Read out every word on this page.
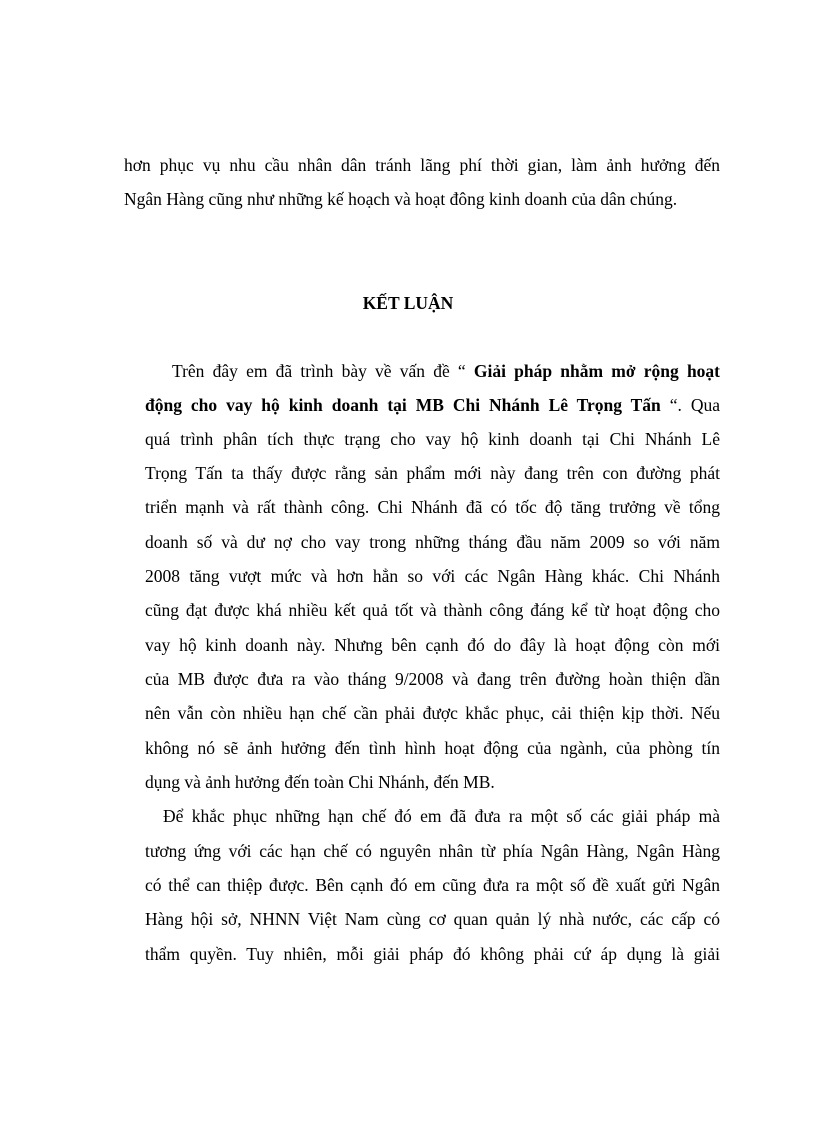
hơn phục vụ nhu cầu nhân dân tránh lãng phí thời gian, làm ảnh hưởng đến
Ngân Hàng cũng như những kế hoạch và hoạt đông kinh doanh của dân chúng.
KẾT LUẬN
Trên đây em đã trình bày về vấn đề “ Giải pháp nhằm mở rộng hoạt
động cho vay hộ kinh doanh tại MB Chi Nhánh Lê Trọng Tấn “. Qua
quá trình phân tích thực trạng cho vay hộ kinh doanh tại Chi Nhánh Lê
Trọng Tấn ta thấy được rằng sản phẩm mới này đang trên con đường phát
triển mạnh và rất thành công. Chi Nhánh đã có tốc độ tăng trưởng về tổng
doanh số và dư nợ cho vay trong những tháng đầu năm 2009 so với năm
2008 tăng vượt mức và hơn hẳn so với các Ngân Hàng khác. Chi Nhánh
cũng đạt được khá nhiều kết quả tốt và thành công đáng kể từ hoạt động cho
vay hộ kinh doanh này. Nhưng bên cạnh đó do đây là hoạt động còn mới
của MB được đưa ra vào tháng 9/2008 và đang trên đường hoàn thiện dần
nên vẫn còn nhiều hạn chế cần phải được khắc phục, cải thiện kịp thời. Nếu
không nó sẽ ảnh hưởng đến tình hình hoạt động của ngành, của phòng tín
dụng và ảnh hưởng đến toàn Chi Nhánh, đến MB.
Để khắc phục những hạn chế đó em đã đưa ra một số các giải pháp mà
tương ứng với các hạn chế có nguyên nhân từ phía Ngân Hàng, Ngân Hàng
có thể can thiệp được. Bên cạnh đó em cũng đưa ra một số đề xuất gửi Ngân
Hàng hội sở, NHNN Việt Nam cùng cơ quan quản lý nhà nước, các cấp có
thẩm quyền. Tuy nhiên, mỗi giải pháp đó không phải cứ áp dụng là giải
